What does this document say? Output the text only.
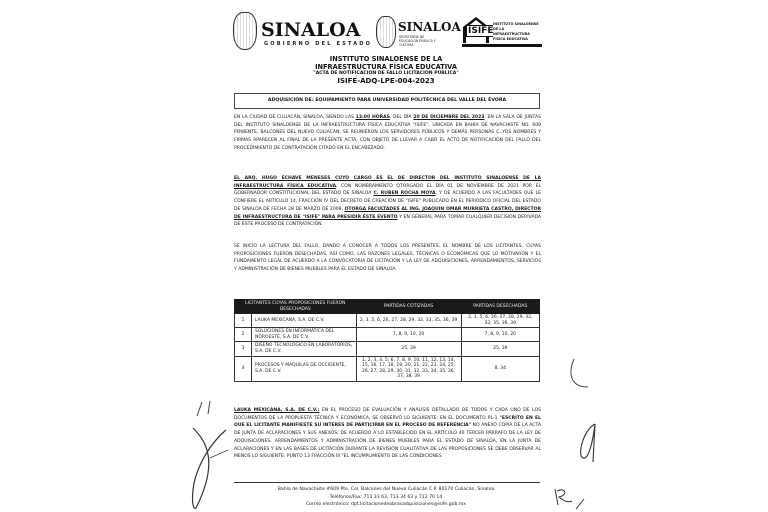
SINALOA
GOBIERNO DEL ESTADO
SINALOA
SECRETARÍA DE EDUCACIÓN PÚBLICA Y CULTURA
ISIFE
INSTITUTO SINALOENSE DE LA INFRAESTRUCTURA FÍSICA EDUCATIVA
INSTITUTO SINALOENSE DE LA
INFRAESTRUCTURA FÍSICA EDUCATIVA
"ACTA DE NOTIFICACION DE FALLO LICITACION PÚBLICA"
ISIFE-ADQ-LPE-004-2023
ADQUISICIÓN DE: EQUIPAMIENTO PARA UNIVERSIDAD POLITÉCNICA DEL VALLE DEL ÉVORA
EN LA CIUDAD DE CULIACÁN, SINALOA, SIENDO LAS 13:00 HORAS, DEL DÍA 20 DE DICIEMBRE DEL 2023, EN LA SALA DE JUNTAS DEL INSTITUTO SINALOENSE DE LA INFRAESTRUCTURA FÍSICA EDUCATIVA "ISIFE", UBICADA EN BAHÍA DE NAVACHISTE NO. 609 PONIENTE, BALCONES DEL NUEVO CULIACÁN; SE REUNIERON LOS SERVIDORES PÚBLICOS Y DEMÁS PERSONAS C.,YOS NOMBRES Y FIRMAS APARECEN AL FINAL DE LA PRESENTE ACTA, CON OBJETO DE LLEVAR A CABO EL ACTO DE NOTIFICACIÓN DEL FALLO DEL PROCEDIMIENTO DE CONTRATACIÓN CITADO EN EL ENCABEZADO.
EL ARQ. HUGO ECHAVE MENESES CUYO CARGO ES EL DE DIRECTOR DEL INSTITUTO SINALOENSE DE LA INFRAESTRUCTURA FÍSICA EDUCATIVA, CON NOMBRAMIENTO OTORGADO EL DÍA 01 DE NOVIEMBRE DE 2021 POR EL GOBERNADOR CONSTITUCIONAL DEL ESTADO DE SINALOA C. RUBEN ROCHA MOYA, Y DE ACUERDO A LAS FACULTADES QUE LE CONFIERE EL ARTÍCULO 14, FRACCIÓN IV DEL DECRETO DE CREACIÓN DE "ISIFE" PUBLICADO EN EL PERIÓDICO OFICIAL DEL ESTADO DE SINALOA DE FECHA 28 DE MARZO DE 2008, OTORGA FACULTADES AL ING. JOAQUIN OMAR MURRIETA CASTRO, DIRECTOR DE INFRAESTRUCTURA DE "ISIFE" PARA PRESIDIR ÉSTE EVENTO Y EN GENERAL PARA TOMAR CUALQUIER DECISIÓN DERIVADA DE ÉSTE PROCESO DE CONTRATACIÓN.
SE INICIO LA LECTURA DEL FALLO, DANDO A CONOCER A TODOS LOS PRESENTES, EL NOMBRE DE LOS LICITANTES, CUYAS PROPOSICIONES FUERON DESECHADAS, ASÍ COMO, LAS RAZONES LEGALES, TÉCNICAS O ECONÓMICAS QUE LO MOTIVARON Y EL FUNDAMENTO LEGAL DE ACUERDO A LA CONVOCATORIA DE LICITACIÓN Y LA LEY DE ADQUISICIONES, ARRENDAMIENTOS, SERVICIOS Y ADMINISTRACIÓN DE BIENES MUEBLES PARA EL ESTADO DE SINALOA.
LICITANTES CUYAS PROPOSICIONES FUERON DESECHADAS		PARTIDAS COTIZADAS	PARTIDAS DESECHADAS
1	LAUKA MEXICANA, S.A. DE C.V.	2, 3, 5, 6, 26, 27, 28, 29, 32, 33, 35, 36, 39	2, 3, 5, 6, 26, 27, 28, 29, 32, 33, 35, 36, 39
2	SOLUCIONES EN INFORMÁTICA DEL NOROESTE, S.A. DE C.V.	7, 8, 9, 10, 20	7, 8, 9, 10, 20
3	DISEÑO TECNOLÓGICO EN LABORATORIOS, S.A. DE C.V.	25, 39	25, 39
4	PROCESOS Y MAQUILAS DE OCCIDENTE, S.A. DE C.V.	1, 2, 3, 4, 5, 6, 7, 8, 9, 10, 11, 12, 13, 14, 15, 16, 17, 18, 19, 20, 21, 22, 23, 24, 25, 26, 27, 28, 29, 30, 31, 32, 33, 34, 35, 36, 37, 38, 39	8, 34
LAUKA MEXICANA, S.A. DE C.V.: EN EL PROCESO DE EVALUACIÓN Y ANÁLISIS DETALLADO DE TODOS Y CADA UNO DE LOS DOCUMENTOS DE LA PROPUESTA TÉCNICA Y ECONÓMICA, SE OBSERVÓ LO SIGUIENTE: EN EL DOCUMENTO PL-1 "ESCRITO EN EL QUE EL LICITANTE MANIFIESTE SU INTERES DE PARTICIPAR EN EL PROCESO DE REFERENCIA" NO ANEXÓ COPIA DE LA ACTA DE JUNTA DE ACLARACIONES Y SUS ANEXOS; DE ACUERDO A LO ESTABLECIDO EN EL ARTÍCULO 40 TERCER PÁRRAFO DE LA LEY DE ADQUISICIONES, ARRENDAMIENTOS Y ADMINISTRACIÓN DE BIENES MUEBLES PARA EL ESTADO DE SINALOA, EN LA JUNTA DE ACLARACIONES Y EN LAS BASES DE LICITACIÓN DURANTE LA REVISIÓN CUALITATIVA DE LAS PROPOSICIONES SE DEBE OBSERVAR AL MENOS LO SIGUIENTE: PUNTO 13 FRACCIÓN III "EL INCUMPLIMIENTO DE LAS CONDICIONES
Bahía de Navachiste #609 Pte. Col. Balcones del Nuevo Culiacán C.P. 80170 Culiacán, Sinaloa
Teléfonos/Fax: 713 33 63, 713 34 63 y 712 70 14
Correo electrónico: dpt.licitacionedeobrasadquisiciones@isife.gob.mx
